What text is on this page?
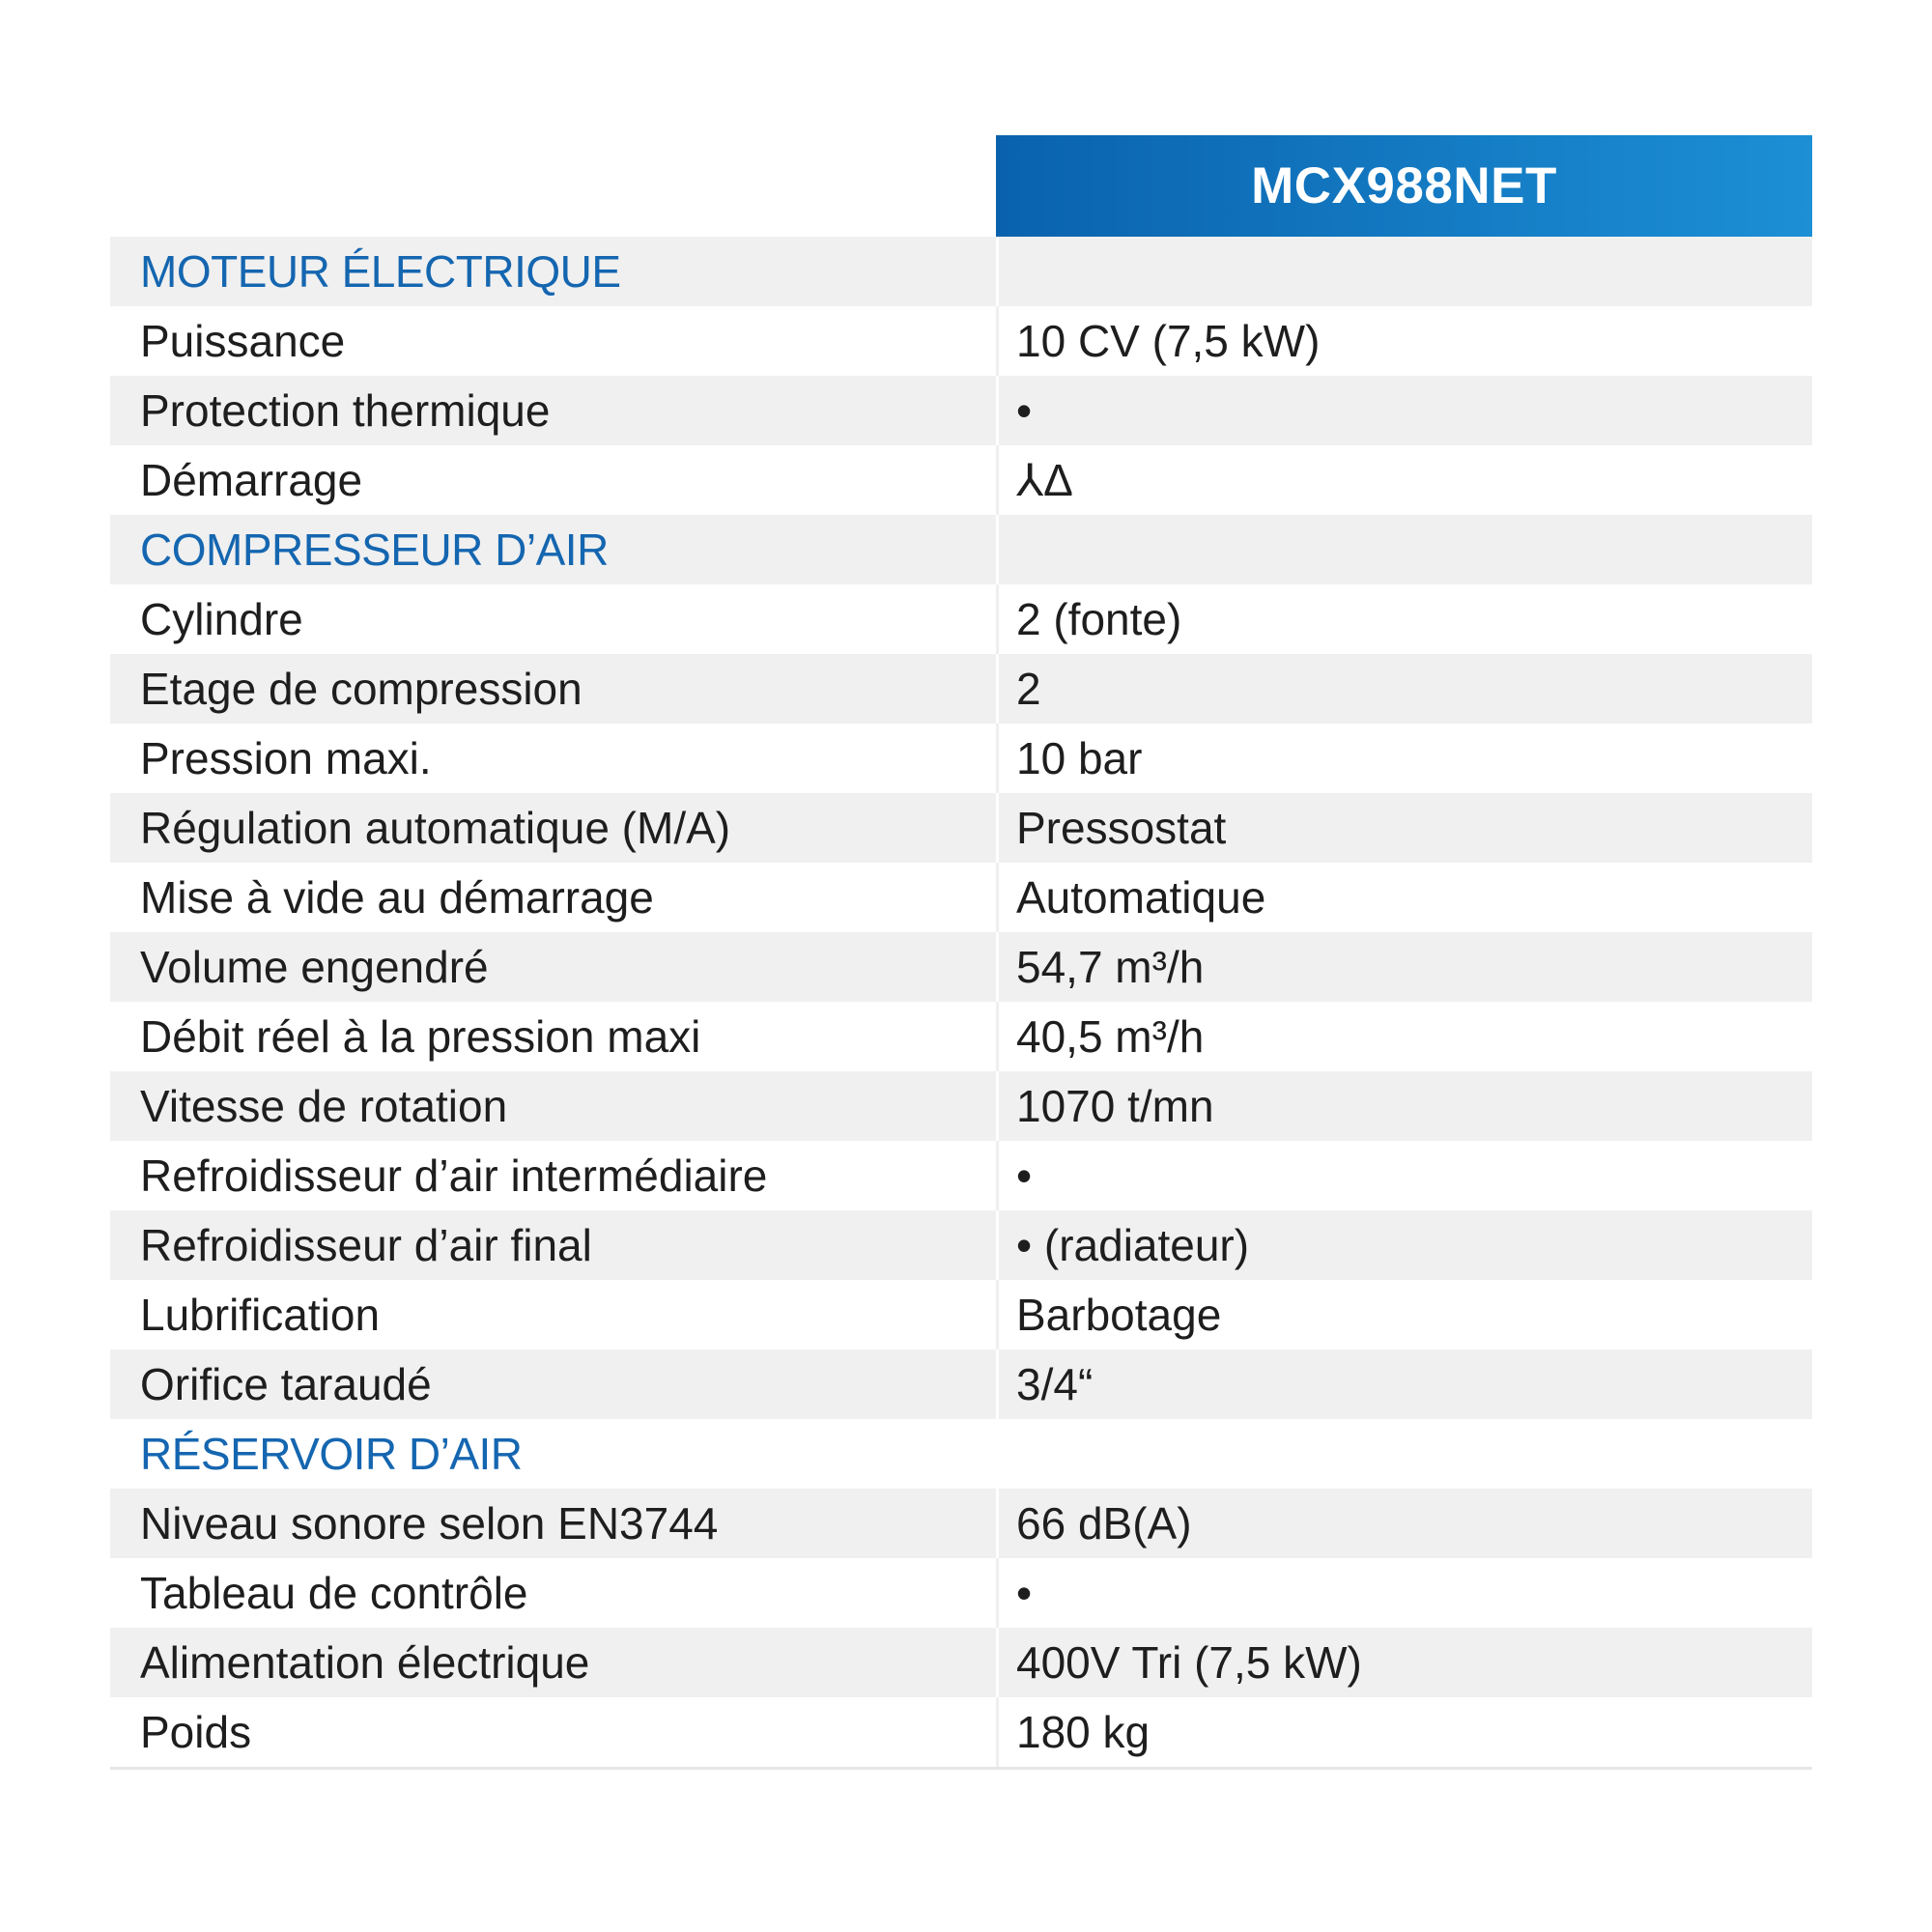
MCX988NET
MOTEUR ÉLECTRIQUE
Puissance	10 CV (7,5 kW)
Protection thermique	•
Démarrage	⅄Δ
COMPRESSEUR D’AIR
Cylindre	2 (fonte)
Etage de compression	2
Pression maxi.	10 bar
Régulation automatique (M/A)	Pressostat
Mise à vide au démarrage	Automatique
Volume engendré	54,7 m³/h
Débit réel à la pression maxi	40,5 m³/h
Vitesse de rotation	1070 t/mn
Refroidisseur d’air intermédiaire	•
Refroidisseur d’air final	• (radiateur)
Lubrification	Barbotage
Orifice taraudé	3/4“
RÉSERVOIR D’AIR
Niveau sonore selon EN3744	66 dB(A)
Tableau de contrôle	•
Alimentation électrique	400V Tri (7,5 kW)
Poids	180 kg
